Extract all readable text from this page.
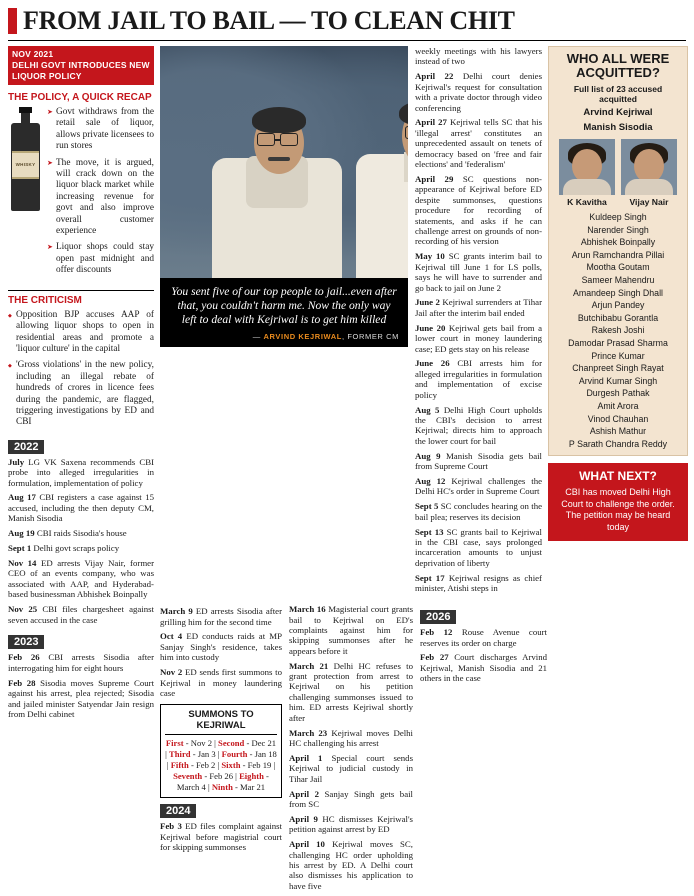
FROM JAIL TO BAIL — TO CLEAN CHIT
NOV 2021
DELHI GOVT INTRODUCES NEW LIQUOR POLICY
THE POLICY, A QUICK RECAP
WHISKY
➤ Govt withdraws from the retail sale of liquor, allows private licensees to run stores
➤ The move, it is argued, will crack down on the liquor black market while increasing revenue for govt and also improve overall customer experience
➤ Liquor shops could stay open past midnight and offer discounts
THE CRITICISM
◆ Opposition BJP accuses AAP of allowing liquor shops to open in residential areas and promote a 'liquor culture' in the capital
◆ 'Gross violations' in the new policy, including an illegal rebate of hundreds of crores in licence fees during the pandemic, are flagged, triggering investigations by ED and CBI
2022

July LG VK Saxena recommends CBI probe into alleged irregularities in formulation, implementation of policy

Aug 17 CBI registers a case against 15 accused, including the then deputy CM, Manish Sisodia

Aug 19 CBI raids Sisodia's house

Sept 1 Delhi govt scraps policy

Nov 14 ED arrests Vijay Nair, former CEO of an events company, who was associated with AAP, and Hyderabad-based businessman Abhishek Boinpally

Nov 25 CBI files chargesheet against seven accused in the case

2023

Feb 26 CBI arrests Sisodia after interrogating him for eight hours

Feb 28 Sisodia moves Supreme Court against his arrest, plea rejected; Sisodia and jailed minister Satyendar Jain resign from Delhi cabinet

You sent five of our top people to jail...even after that, you couldn't harm me. Now the only way left to deal with Kejriwal is to get him killed
— ARVIND KEJRIWAL, FORMER CM

weekly meetings with his lawyers instead of two

April 22 Delhi court denies Kejriwal's request for consultation with a private doctor through video conferencing

April 27 Kejriwal tells SC that his 'illegal arrest' constitutes an unprecedented assault on tenets of democracy based on 'free and fair elections' and 'federalism'

April 29 SC questions non-appearance of Kejriwal before ED despite summonses, questions procedure for recording of statements, and asks if he can challenge arrest on grounds of non-recording of his version

May 10 SC grants interim bail to Kejriwal till June 1 for LS polls, says he will have to surrender and go back to jail on June 2

June 2 Kejriwal surrenders at Tihar Jail after the interim bail ended

June 20 Kejriwal gets bail from a lower court in money laundering case; ED gets stay on his release

June 26 CBI arrests him for alleged irregularities in formulation and implementation of excise policy

Aug 5 Delhi High Court upholds the CBI's decision to arrest Kejriwal; directs him to approach the lower court for bail

Aug 9 Manish Sisodia gets bail from Supreme Court

Aug 12 Kejriwal challenges the Delhi HC's order in Supreme Court

Sept 5 SC concludes hearing on the bail plea; reserves its decision

Sept 13 SC grants bail to Kejriwal in the CBI case, says prolonged incarceration amounts to unjust deprivation of liberty

Sept 17 Kejriwal resigns as chief minister, Atishi steps in

March 9 ED arrests Sisodia after grilling him for the second time

Oct 4 ED conducts raids at MP Sanjay Singh's residence, takes him into custody

Nov 2 ED sends first summons to Kejriwal in money laundering case

SUMMONS TO KEJRIWAL

First - Nov 2 | Second - Dec 21 | Third - Jan 3 | Fourth - Jan 18 | Fifth - Feb 2 | Sixth - Feb 19 | Seventh - Feb 26 | Eighth - March 4 | Ninth - Mar 21

2024

Feb 3 ED files complaint against Kejriwal before magistrial court for skipping summonses

March 16 Magisterial court grants bail to Kejriwal on ED's complaints against him for skipping summonses after he appears before it

March 21 Delhi HC refuses to grant protection from arrest to Kejriwal on his petition challenging summonses issued to him. ED arrests Kejriwal shortly after

March 23 Kejriwal moves Delhi HC challenging his arrest

April 1 Special court sends Kejriwal to judicial custody in Tihar Jail

April 2 Sanjay Singh gets bail from SC

April 9 HC dismisses Kejriwal's petition against arrest by ED

April 10 Kejriwal moves SC, challenging HC order upholding his arrest by ED. A Delhi court also dismisses his application to have five

2026

Feb 12 Rouse Avenue court reserves its order on charge

Feb 27 Court discharges Arvind Kejriwal, Manish Sisodia and 21 others in the case

WHO ALL WERE ACQUITTED?
Full list of 23 accused acquitted
Arvind Kejriwal
Manish Sisodia
K Kavitha	Vijay Nair
Kuldeep Singh
Narender Singh
Abhishek Boinpally
Arun Ramchandra Pillai
Mootha Goutam
Sameer Mahendru
Amandeep Singh Dhall
Arjun Pandey
Butchibabu Gorantla
Rakesh Joshi
Damodar Prasad Sharma
Prince Kumar
Chanpreet Singh Rayat
Arvind Kumar Singh
Durgesh Pathak
Amit Arora
Vinod Chauhan
Ashish Mathur
P Sarath Chandra Reddy
WHAT NEXT?

CBI has moved Delhi High Court to challenge the order. The petition may be heard today
